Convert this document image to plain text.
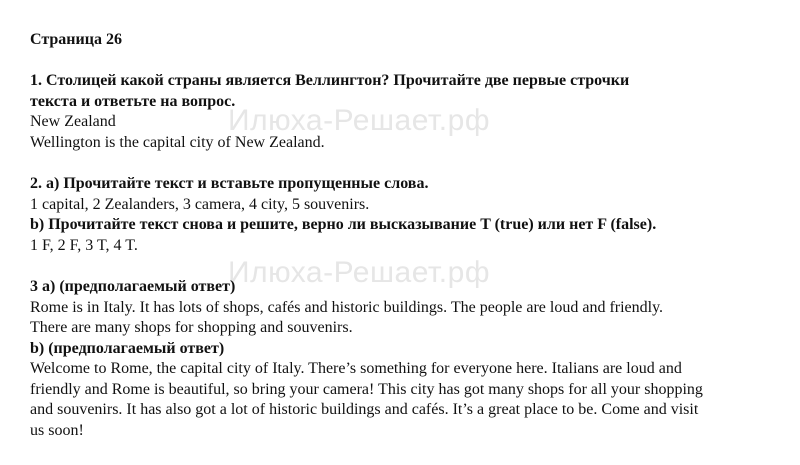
Илюха-Решает.рф
Илюха-Решает.рф
Страница 26
1. Столицей какой страны является Веллингтон? Прочитайте две первые строчки
текста и ответьте на вопрос.
New Zealand
Wellington is the capital city of New Zealand.
2. a) Прочитайте текст и вставьте пропущенные слова.
1 capital, 2 Zealanders, 3 camera, 4 city, 5 souvenirs.
b) Прочитайте текст снова и решите, верно ли высказывание T (true) или нет F (false).
1 F, 2 F, 3 T, 4 T.
3 a) (предполагаемый ответ)
Rome is in Italy. It has lots of shops, cafés and historic buildings. The people are loud and friendly.
There are many shops for shopping and souvenirs.
b) (предполагаемый ответ)
Welcome to Rome, the capital city of Italy. There’s something for everyone here. Italians are loud and
friendly and Rome is beautiful, so bring your camera! This city has got many shops for all your shopping
and souvenirs. It has also got a lot of historic buildings and cafés. It’s a great place to be. Come and visit
us soon!
